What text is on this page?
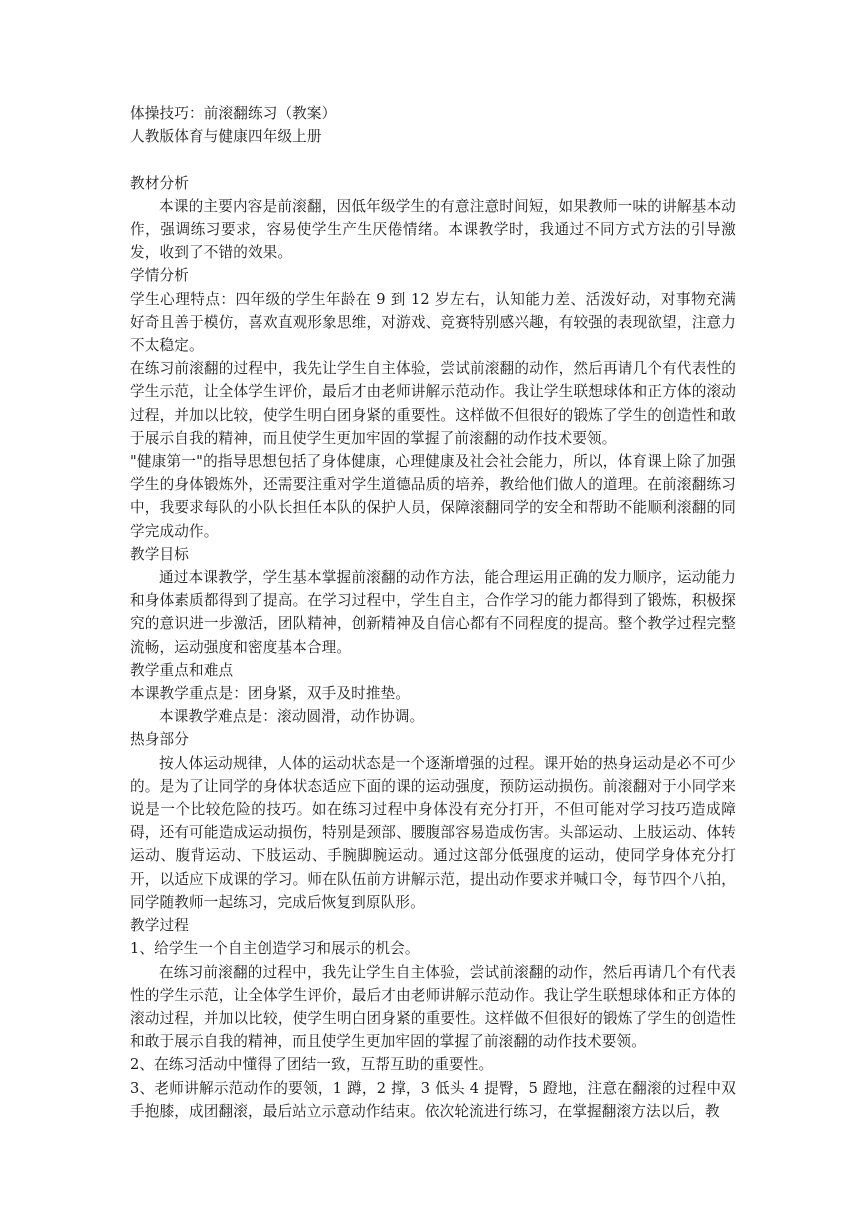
体操技巧：前滚翻练习（教案）

人教版体育与健康四年级上册

教材分析

本课的主要内容是前滚翻，因低年级学生的有意注意时间短，如果教师一味的讲解基本动作，强调练习要求，容易使学生产生厌倦情绪。本课教学时，我通过不同方式方法的引导激发，收到了不错的效果。

学情分析

学生心理特点：四年级的学生年龄在 9 到 12 岁左右，认知能力差、活泼好动，对事物充满好奇且善于模仿，喜欢直观形象思维，对游戏、竞赛特别感兴趣，有较强的表现欲望，注意力不太稳定。

在练习前滚翻的过程中，我先让学生自主体验，尝试前滚翻的动作，然后再请几个有代表性的学生示范，让全体学生评价，最后才由老师讲解示范动作。我让学生联想球体和正方体的滚动过程，并加以比较，使学生明白团身紧的重要性。这样做不但很好的锻炼了学生的创造性和敢于展示自我的精神，而且使学生更加牢固的掌握了前滚翻的动作技术要领。

"健康第一"的指导思想包括了身体健康，心理健康及社会社会能力，所以，体育课上除了加强学生的身体锻炼外，还需要注重对学生道德品质的培养，教给他们做人的道理。在前滚翻练习中，我要求每队的小队长担任本队的保护人员，保障滚翻同学的安全和帮助不能顺利滚翻的同学完成动作。

教学目标

通过本课教学，学生基本掌握前滚翻的动作方法，能合理运用正确的发力顺序，运动能力和身体素质都得到了提高。在学习过程中，学生自主，合作学习的能力都得到了锻炼，积极探究的意识进一步激活，团队精神，创新精神及自信心都有不同程度的提高。整个教学过程完整流畅，运动强度和密度基本合理。

教学重点和难点

本课教学重点是：团身紧，双手及时推垫。

本课教学难点是：滚动圆滑，动作协调。

热身部分

按人体运动规律，人体的运动状态是一个逐渐增强的过程。课开始的热身运动是必不可少的。是为了让同学的身体状态适应下面的课的运动强度，预防运动损伤。前滚翻对于小同学来说是一个比较危险的技巧。如在练习过程中身体没有充分打开，不但可能对学习技巧造成障碍，还有可能造成运动损伤，特别是颈部、腰腹部容易造成伤害。头部运动、上肢运动、体转运动、腹背运动、下肢运动、手腕脚腕运动。通过这部分低强度的运动，使同学身体充分打开，以适应下成课的学习。师在队伍前方讲解示范，提出动作要求并喊口令，每节四个八拍，同学随教师一起练习，完成后恢复到原队形。

教学过程

1、给学生一个自主创造学习和展示的机会。

在练习前滚翻的过程中，我先让学生自主体验，尝试前滚翻的动作，然后再请几个有代表性的学生示范，让全体学生评价，最后才由老师讲解示范动作。我让学生联想球体和正方体的滚动过程，并加以比较，使学生明白团身紧的重要性。这样做不但很好的锻炼了学生的创造性和敢于展示自我的精神，而且使学生更加牢固的掌握了前滚翻的动作技术要领。

2、在练习活动中懂得了团结一致，互帮互助的重要性。

3、老师讲解示范动作的要领，1 蹲，2 撑，3 低头 4 提臀，5 蹬地，注意在翻滚的过程中双手抱膝，成团翻滚，最后站立示意动作结束。依次轮流进行练习，在掌握翻滚方法以后，教
